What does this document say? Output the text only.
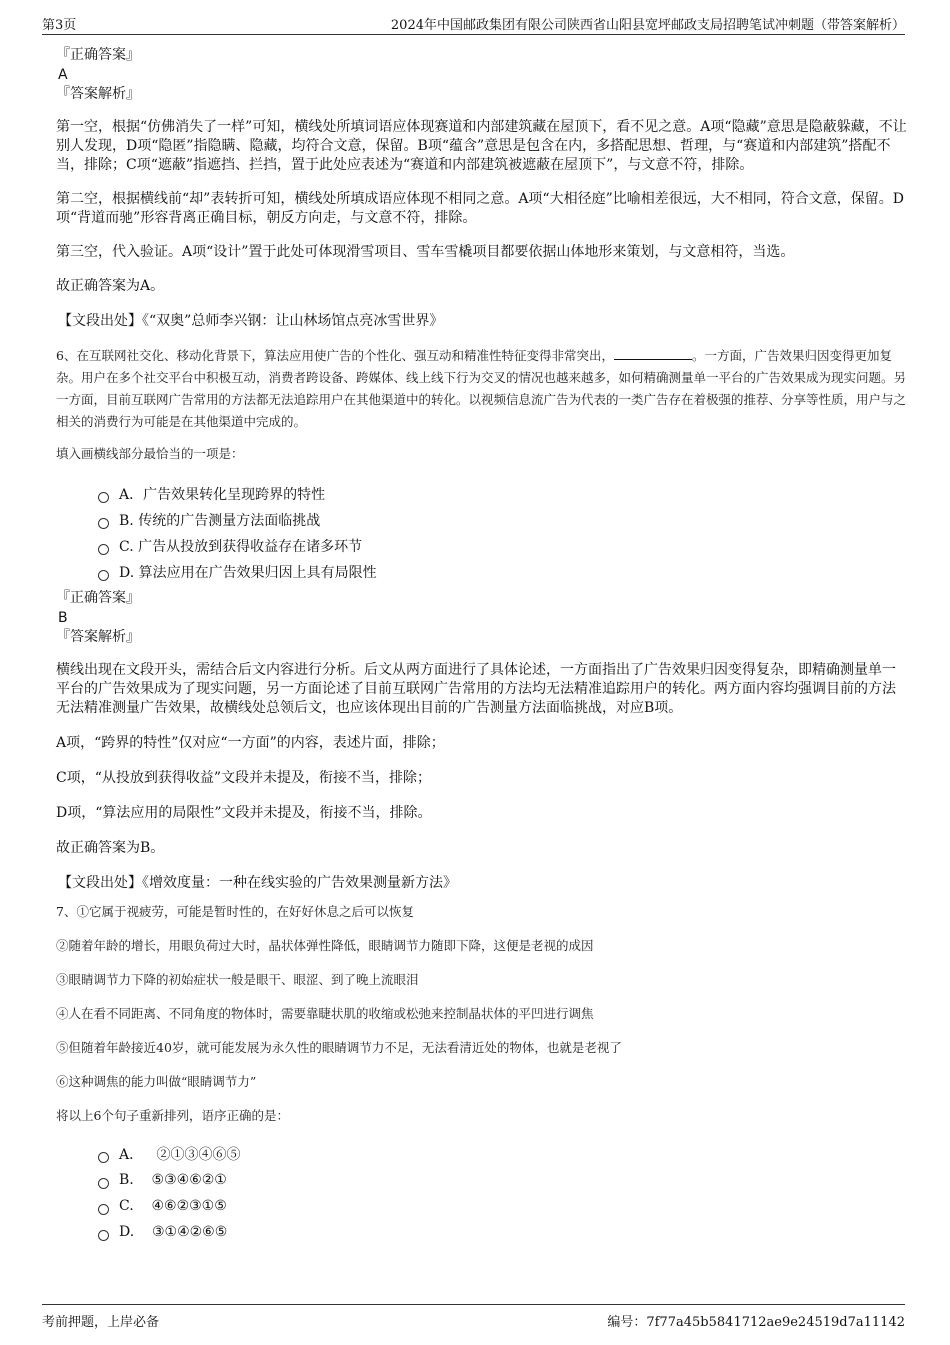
第3页	2024年中国邮政集团有限公司陕西省山阳县宽坪邮政支局招聘笔试冲刺题（带答案解析）
『正确答案』
A
『答案解析』

第一空，根据“仿佛消失了一样”可知，横线处所填词语应体现赛道和内部建筑藏在屋顶下，看不见之意。A项“隐藏”意思是隐蔽躲藏，不让别人发现，D项“隐匿”指隐瞒、隐藏，均符合文意，保留。B项“蕴含”意思是包含在内，多搭配思想、哲理，与“赛道和内部建筑”搭配不当，排除；C项“遮蔽”指遮挡、拦挡，置于此处应表述为“赛道和内部建筑被遮蔽在屋顶下”，与文意不符，排除。

第二空，根据横线前“却”表转折可知，横线处所填成语应体现不相同之意。A项“大相径庭”比喻相差很远，大不相同，符合文意，保留。D项“背道而驰”形容背离正确目标，朝反方向走，与文意不符，排除。

第三空，代入验证。A项“设计”置于此处可体现滑雪项目、雪车雪橇项目都要依据山体地形来策划，与文意相符，当选。

故正确答案为A。

【文段出处】《“双奥”总师李兴钢：让山林场馆点亮冰雪世界》

6、在互联网社交化、移动化背景下，算法应用使广告的个性化、强互动和精准性特征变得非常突出，	。一方面，广告效果归因变得更加复杂。用户在多个社交平台中积极互动，消费者跨设备、跨媒体、线上线下行为交叉的情况也越来越多，如何精确测量单一平台的广告效果成为现实问题。另一方面，目前互联网广告常用的方法都无法追踪用户在其他渠道中的转化。以视频信息流广告为代表的一类广告存在着极强的推荐、分享等性质，用户与之相关的消费行为可能是在其他渠道中完成的。

填入画横线部分最恰当的一项是：

A．广告效果转化呈现跨界的特性
B. 传统的广告测量方法面临挑战
C. 广告从投放到获得收益存在诸多环节
D. 算法应用在广告效果归因上具有局限性
『正确答案』
B
『答案解析』

横线出现在文段开头，需结合后文内容进行分析。后文从两方面进行了具体论述，一方面指出了广告效果归因变得复杂，即精确测量单一平台的广告效果成为了现实问题，另一方面论述了目前互联网广告常用的方法均无法精准追踪用户的转化。两方面内容均强调目前的方法无法精准测量广告效果，故横线处总领后文，也应该体现出目前的广告测量方法面临挑战，对应B项。

A项，“跨界的特性”仅对应“一方面”的内容，表述片面，排除；

C项，“从投放到获得收益”文段并未提及，衔接不当，排除；

D项，“算法应用的局限性”文段并未提及，衔接不当，排除。

故正确答案为B。

【文段出处】《增效度量：一种在线实验的广告效果测量新方法》

7、①它属于视疲劳，可能是暂时性的，在好好休息之后可以恢复

②随着年龄的增长，用眼负荷过大时，晶状体弹性降低，眼睛调节力随即下降，这便是老视的成因

③眼睛调节力下降的初始症状一般是眼干、眼涩、到了晚上流眼泪

④人在看不同距离、不同角度的物体时，需要靠睫状肌的收缩或松弛来控制晶状体的平凹进行调焦

⑤但随着年龄接近40岁，就可能发展为永久性的眼睛调节力不足，无法看清近处的物体，也就是老视了

⑥这种调焦的能力叫做“眼睛调节力”

将以上6个句子重新排列，语序正确的是：

A．   ②①③④⑥⑤
B.    ⑤③④⑥②①
C.    ④⑥②③①⑤
D.    ③①④②⑥⑤
考前押题，上岸必备	编号：7f77a45b5841712ae9e24519d7a11142
